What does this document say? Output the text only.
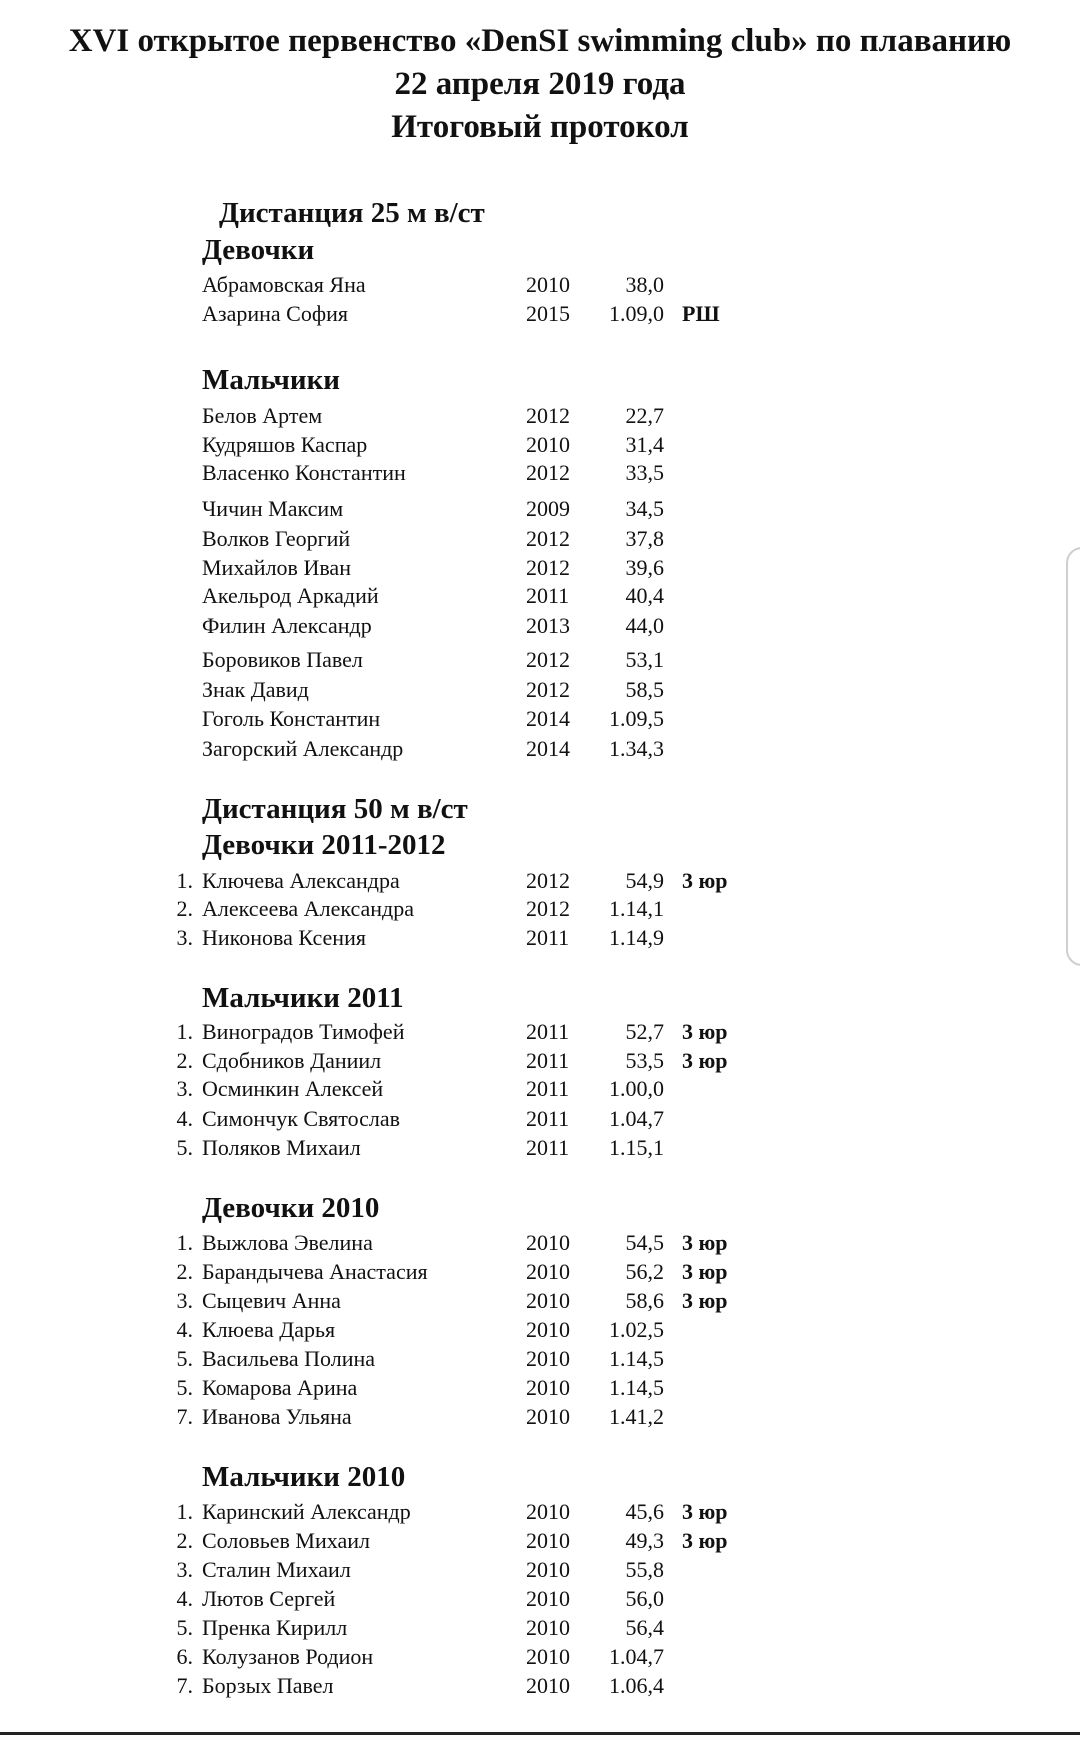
XVI открытое первенство «DenSI swimming club» по плаванию
22 апреля 2019 года
Итоговый протокол
Дистанция 25 м в/ст
Девочки
Абрамовская Яна	2010	38,0
Азарина София	2015	1.09,0 РШ
Мальчики
Белов Артем	2012	22,7
Кудряшов Каспар	2010	31,4
Власенко Константин	2012	33,5
Чичин Максим	2009	34,5
Волков Георгий	2012	37,8
Михайлов Иван	2012	39,6
Акельрод Аркадий	2011	40,4
Филин Александр	2013	44,0
Боровиков Павел	2012	53,1
Знак Давид	2012	58,5
Гоголь Константин	2014	1.09,5
Загорский Александр	2014	1.34,3
Дистанция 50 м в/ст
Девочки 2011-2012
1. Ключева Александра	2012	54,9 3 юр
2. Алексеева Александра	2012	1.14,1
3. Никонова Ксения	2011	1.14,9
Мальчики 2011
1. Виноградов Тимофей	2011	52,7 3 юр
2. Сдобников Даниил	2011	53,5 3 юр
3. Осминкин Алексей	2011	1.00,0
4. Симончук Святослав	2011	1.04,7
5. Поляков Михаил	2011	1.15,1
Девочки 2010
1. Выжлова Эвелина	2010	54,5 3 юр
2. Барандычева Анастасия	2010	56,2 3 юр
3. Сыцевич Анна	2010	58,6 3 юр
4. Клюева Дарья	2010	1.02,5
5. Васильева Полина	2010	1.14,5
5. Комарова Арина	2010	1.14,5
7. Иванова Ульяна	2010	1.41,2
Мальчики 2010
1. Каринский Александр	2010	45,6 3 юр
2. Соловьев Михаил	2010	49,3 3 юр
3. Сталин Михаил	2010	55,8
4. Лютов Сергей	2010	56,0
5. Пренка Кирилл	2010	56,4
6. Колузанов Родион	2010	1.04,7
7. Борзых Павел	2010	1.06,4
